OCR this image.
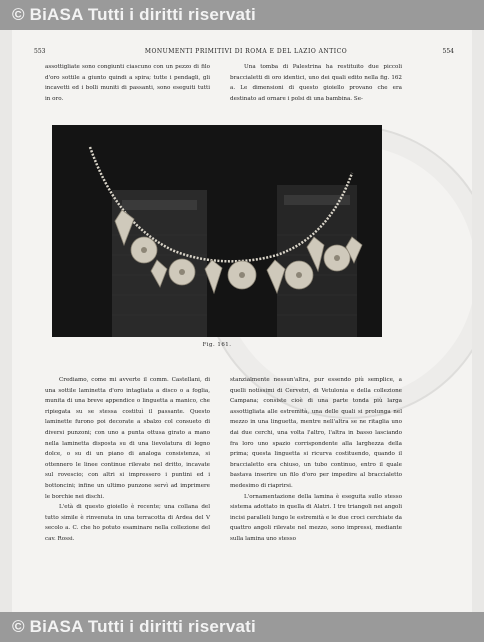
© BiASA Tutti i diritti riservati
553	MONUMENTI PRIMITIVI DI ROMA E DEL LAZIO ANTICO	554

assottigliate sono congiunti ciascuno con un pezzo di filo d'oro sottile a giunto quindi a spira; tutte i pendagli, gli incavetti ed i bolli muniti di passanti, sono eseguiti tutti in oro.

Una tomba di Palestrina ha restituito due piccoli braccialetti di oro identici, uno dei quali edito nella fig. 162 a. Le dimensioni di questo gioiello provano che era destinato ad ornare i polsi di una bambina. Se-

Fig. 161.

Crediamo, come mi avverte il comm. Castellani, di una sottile laminetta d'oro intagliata a disco o a foglia, munita di una breve appendice o linguetta a manico, che ripiegata su se stessa costituì il passante. Questo laminette furono poi decorate a sbalzo col consueto di diversi punzoni; con uno a punta ottusa girato a mano nella laminetta disposta su di una lievolatura di legno dolce, o su di un piano di analoga consistenza, si ottennero le linee continue rilevate nel dritto, incavate sul rovescio; con altri si impressero i puntini ed i bottoncini; infine un ultimo punzone servì ad imprimere le borchie nei dischi.

L'età di questo gioiello è recente; una collana del tutto simile è rinvenuta in una terracotta di Ardea del V secolo a. C. che ho potuto esaminare nella collezione del cav. Rossi.

stanzialmente nessun'altra, pur essendo più semplice, a quelli notissimi di Cervetri, di Vetulonia e della collezione Campana; consiste cioè di una parte tonda più larga assottigliata alle estremità, una delle quali si prolunga nel mezzo in una linguetta, mentre nell'altra se ne ritaglia uno dai due cerchi, una volta l'altro, l'altra in basso lasciando fra loro uno spazio corrispondente alla larghezza della prima; questa linguetta si ricurva costituendo, quando il braccialetto era chiuso, un tubo continuo, entro il quale bastava inserire un filo d'oro per impedire al braccialetto medesimo di riaprirsi.

L'ornamentazione della lamina è eseguita sullo stesso sistema adottato in quella di Alatri. I tre triangoli nei angoli incisi paralleli lungo le estremità e le due croci cerchiate da quattro angoli rilevate nel mezzo, sono impressi, mediante sulla lamina uno stesso

© BiASA Tutti i diritti riservati
